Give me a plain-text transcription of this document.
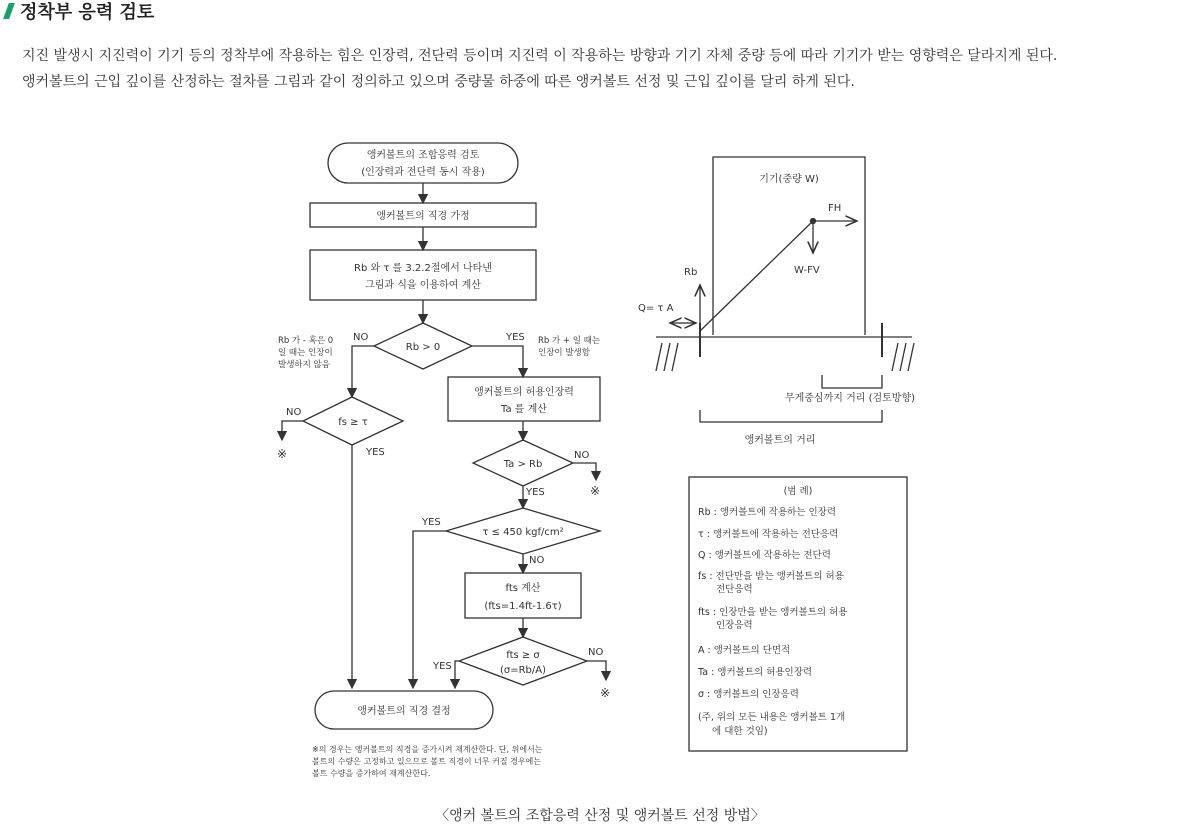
정착부 응력 검토

지진 발생시 지진력이 기기 등의 정착부에 작용하는 힘은 인장력, 전단력 등이며 지진력 이 작용하는 방향과 기기 자체 중량 등에 따라 기기가 받는 영향력은 달라지게 된다.

앵커볼트의 근입 깊이를 산정하는 절차를 그림과 같이 정의하고 있으며 중량물 하중에 따른 앵커볼트 선정 및 근입 깊이를 달리 하게 된다.

앵커볼트의 조합응력 검토
(인장력과 전단력 동시 작용)
앵커볼트의 직경 가정
Rb 와 τ 를 3.2.2절에서 나타낸
그림과 식을 이용하여 계산
Rb > 0
fs ≥ τ
앵커볼트의 허용인장력
Ta 를 계산
Ta > Rb
τ ≤ 450 kgf/cm²
fts 계산
(fts=1.4ft-1.6τ)
fts ≥ σ
(σ=Rb/A)
앵커볼트의 직경 결정
NO	YES
NO
YES	NO
YES
YES
NO
NO
YES
※
※
※
Rb 가 - 혹은 0
일 때는 인장이
발생하지 않음
Rb 가 + 일 때는
인장이 발생함
※의 경우는 앵커볼트의 직경을 증가시켜 재계산한다. 단, 위에서는
볼트의 수량은 고정하고 있으므로 볼트 직경이 너무 커질 경우에는
볼트 수량을 증가하여 재계산한다.
기기(중량 W)
FH
W-FV
Rb
Q= τ A
무게중심까지 거리 (검토방향)
앵커볼트의 거리
(범 례)
Rb : 앵커볼트에 작용하는 인장력
τ : 앵커볼트에 작용하는 전단응력
Q : 앵커볼트에 작용하는 전단력
fs : 전단만을 받는 앵커볼트의 허용
전단응력
fts : 인장만을 받는 앵커볼트의 허용
인장응력
A : 앵커볼트의 단면적
Ta : 앵커볼트의 허용인장력
σ : 앵커볼트의 인장응력
(주, 위의 모든 내용은 앵커볼트 1개
에 대한 것임)
〈앵커 볼트의 조합응력 산정 및 앵커볼트 선정 방법〉
